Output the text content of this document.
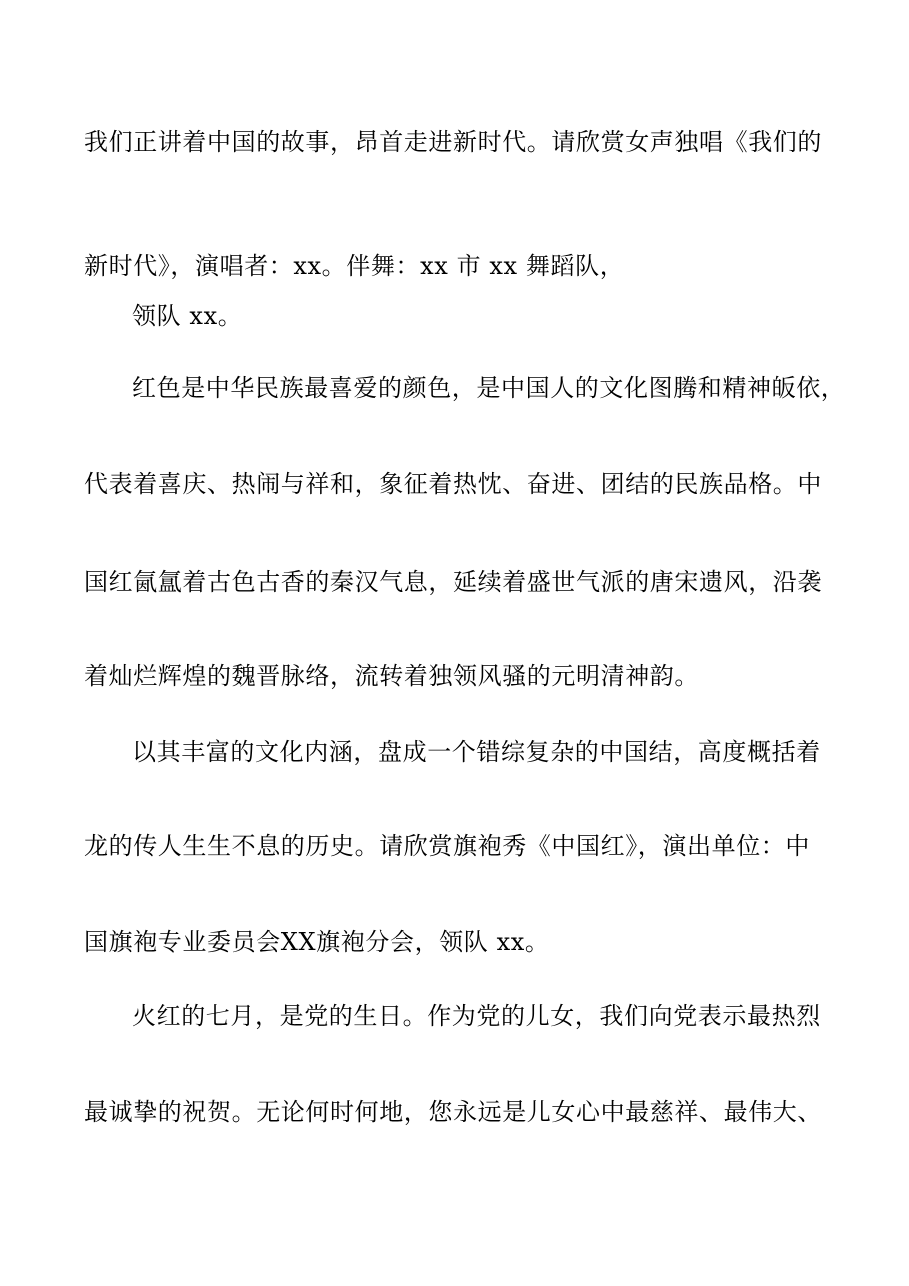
我们正讲着中国的故事，昂首走进新时代。请欣赏女声独唱《我们的
新时代》，演唱者：xx。伴舞：xx 市 xx 舞蹈队，
领队 xx。
红色是中华民族最喜爱的颜色，是中国人的文化图腾和精神皈依，
代表着喜庆、热闹与祥和，象征着热忱、奋进、团结的民族品格。中
国红氤氲着古色古香的秦汉气息，延续着盛世气派的唐宋遗风，沿袭
着灿烂辉煌的魏晋脉络，流转着独领风骚的元明清神韵。
以其丰富的文化内涵，盘成一个错综复杂的中国结，高度概括着
龙的传人生生不息的历史。请欣赏旗袍秀《中国红》，演出单位：中
国旗袍专业委员会XX旗袍分会，领队 xx。
火红的七月，是党的生日。作为党的儿女，我们向党表示最热烈
最诚挚的祝贺。无论何时何地，您永远是儿女心中最慈祥、最伟大、
